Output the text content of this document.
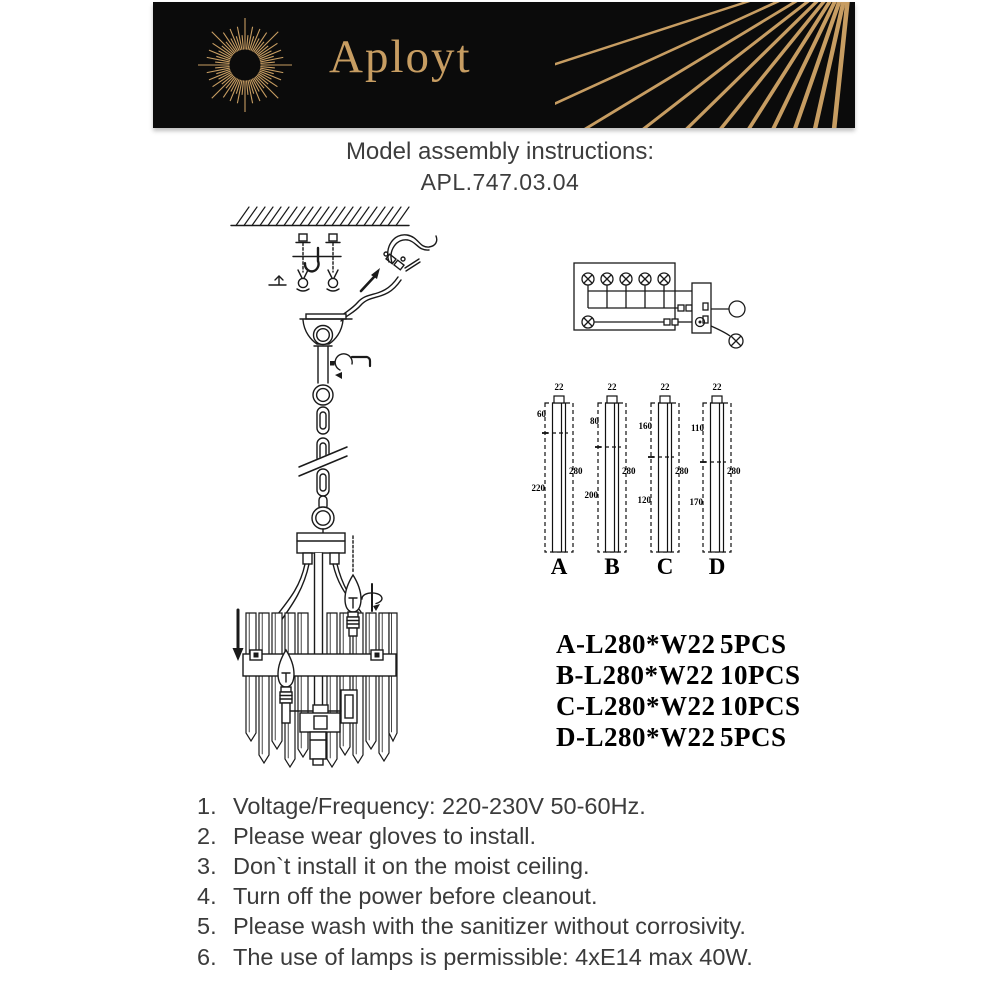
Aployt
Model assembly instructions:
APL.747.03.04
22
60
220
280
A
22
80
200
280
B
22
160
120
280
C
22
110
170
280
D
A-L280*W22 5PCS
B-L280*W22 10PCS
C-L280*W22 10PCS
D-L280*W22 5PCS
1. Voltage/Frequency: 220-230V 50-60Hz.
2. Please wear gloves to install.
3. Don`t install it on the moist ceiling.
4. Turn off the power before cleanout.
5. Please wash with the sanitizer without corrosivity.
6. The use of lamps is permissible: 4xE14 max 40W.
